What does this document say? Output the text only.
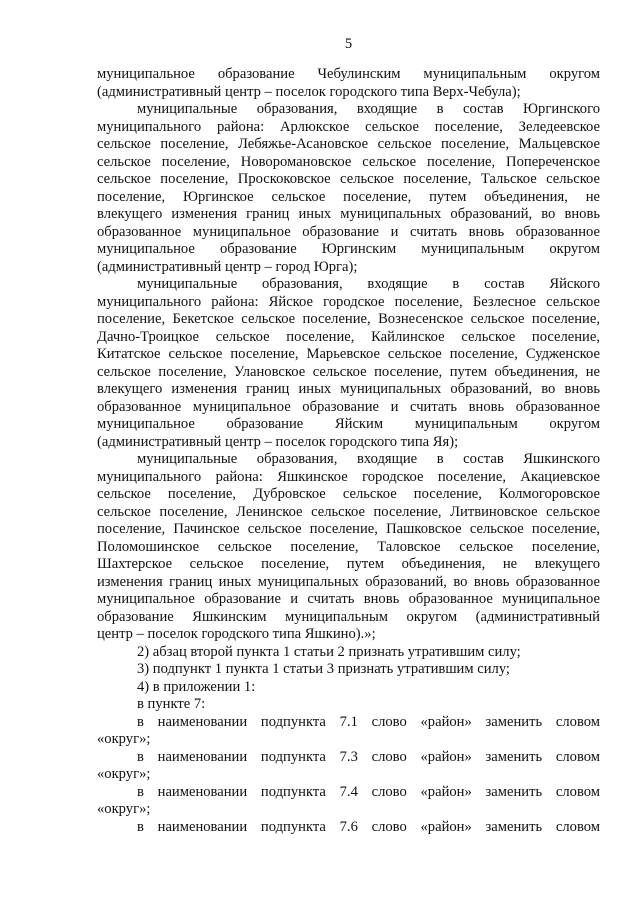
5
муниципальное образование Чебулинским муниципальным округом
(административный центр – поселок городского типа Верх-Чебула);
муниципальные образования, входящие в состав Юргинского
муниципального района: Арлюкское сельское поселение, Зеледеевское
сельское поселение, Лебяжье-Асановское сельское поселение, Мальцевское
сельское поселение, Новоромановское сельское поселение, Попереченское
сельское поселение, Проскоковское сельское поселение, Тальское сельское
поселение, Юргинское сельское поселение, путем объединения, не
влекущего изменения границ иных муниципальных образований, во вновь
образованное муниципальное образование и считать вновь образованное
муниципальное образование Юргинским муниципальным округом
(административный центр – город Юрга);
муниципальные образования, входящие в состав Яйского
муниципального района: Яйское городское поселение, Безлесное сельское
поселение, Бекетское сельское поселение, Вознесенское сельское поселение,
Дачно-Троицкое сельское поселение, Кайлинское сельское поселение,
Китатское сельское поселение, Марьевское сельское поселение, Судженское
сельское поселение, Улановское сельское поселение, путем объединения, не
влекущего изменения границ иных муниципальных образований, во вновь
образованное муниципальное образование и считать вновь образованное
муниципальное образование Яйским муниципальным округом
(административный центр – поселок городского типа Яя);
муниципальные образования, входящие в состав Яшкинского
муниципального района: Яшкинское городское поселение, Акациевское
сельское поселение, Дубровское сельское поселение, Колмогоровское
сельское поселение, Ленинское сельское поселение, Литвиновское сельское
поселение, Пачинское сельское поселение, Пашковское сельское поселение,
Поломошинское сельское поселение, Таловское сельское поселение,
Шахтерское сельское поселение, путем объединения, не влекущего
изменения границ иных муниципальных образований, во вновь образованное
муниципальное образование и считать вновь образованное муниципальное
образование Яшкинским муниципальным округом (административный
центр – поселок городского типа Яшкино).»;
2) абзац второй пункта 1 статьи 2 признать утратившим силу;
3) подпункт 1 пункта 1 статьи 3 признать утратившим силу;
4) в приложении 1:
в пункте 7:
в наименовании подпункта 7.1 слово «район» заменить словом
«округ»;
в наименовании подпункта 7.3 слово «район» заменить словом
«округ»;
в наименовании подпункта 7.4 слово «район» заменить словом
«округ»;
в наименовании подпункта 7.6 слово «район» заменить словом
